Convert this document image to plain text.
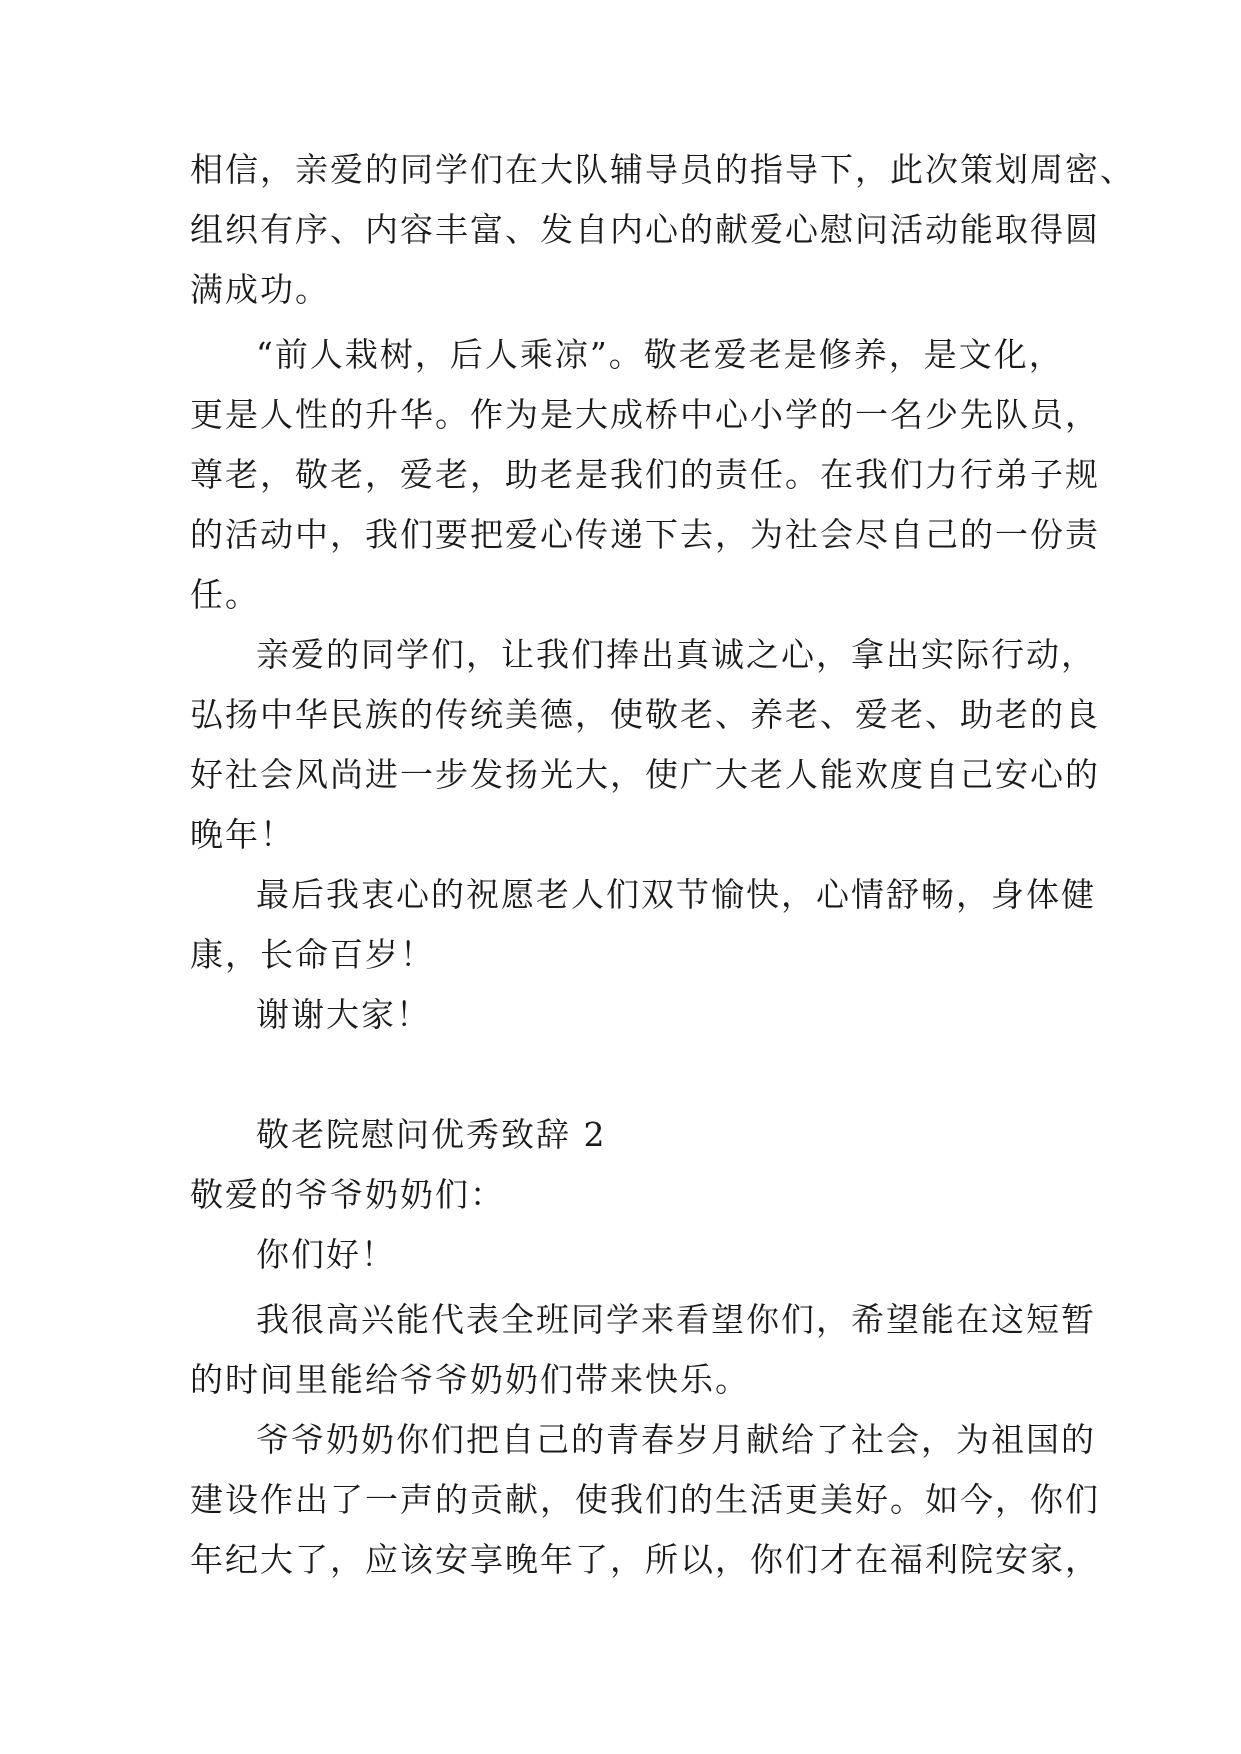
相信，亲爱的同学们在大队辅导员的指导下，此次策划周密、

组织有序、内容丰富、发自内心的献爱心慰问活动能取得圆

满成功。

“前人栽树，后人乘凉”。敬老爱老是修养，是文化，

更是人性的升华。作为是大成桥中心小学的一名少先队员，

尊老，敬老，爱老，助老是我们的责任。在我们力行弟子规

的活动中，我们要把爱心传递下去，为社会尽自己的一份责

任。

亲爱的同学们，让我们捧出真诚之心，拿出实际行动，

弘扬中华民族的传统美德，使敬老、养老、爱老、助老的良

好社会风尚进一步发扬光大，使广大老人能欢度自己安心的

晚年！

最后我衷心的祝愿老人们双节愉快，心情舒畅，身体健

康，长命百岁！

谢谢大家！

敬老院慰问优秀致辞 2

敬爱的爷爷奶奶们：

你们好！

我很高兴能代表全班同学来看望你们，希望能在这短暂

的时间里能给爷爷奶奶们带来快乐。

爷爷奶奶你们把自己的青春岁月献给了社会，为祖国的

建设作出了一声的贡献，使我们的生活更美好。如今，你们

年纪大了，应该安享晚年了，所以，你们才在福利院安家，
